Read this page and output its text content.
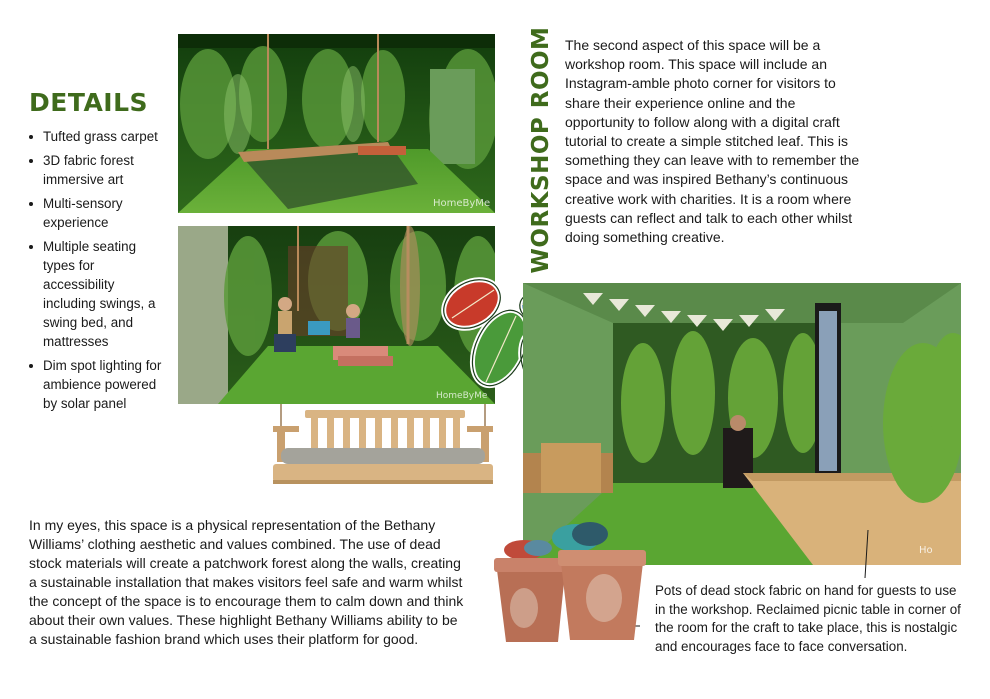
DETAILS
Tufted grass carpet
3D fabric forest immersive art
Multi-sensory experience
Multiple seating types for accessibility including swings, a swing bed, and mattresses
Dim spot lighting for ambience powered by solar panel
HomeByMe
HomeByMe
WORKSHOP ROOM The second aspect of this space will be a workshop room. This space will include an Instagram-amble photo corner for visitors to share their experience online and the opportunity to follow along with a digital craft tutorial to create a simple stitched leaf. This is something they can leave with to remember the space and was inspired Bethany’s continuous creative work with charities. It is a room where guests can reflect and talk to each other whilst doing something creative.
Ho
In my eyes, this space is a physical representation of the Bethany Williams’ clothing aesthetic and values combined. The use of dead stock materials will create a patchwork forest along the walls, creating a sustainable installation that makes visitors feel safe and warm whilst the concept of the space is to encourage them to calm down and think about their own values. These highlight Bethany Williams ability to be a sustainable fashion brand which uses their platform for good.
Pots of dead stock fabric on hand for guests to use in the workshop. Reclaimed picnic table in corner of the room for the craft to take place, this is nostalgic and encourages face to face conversation.
